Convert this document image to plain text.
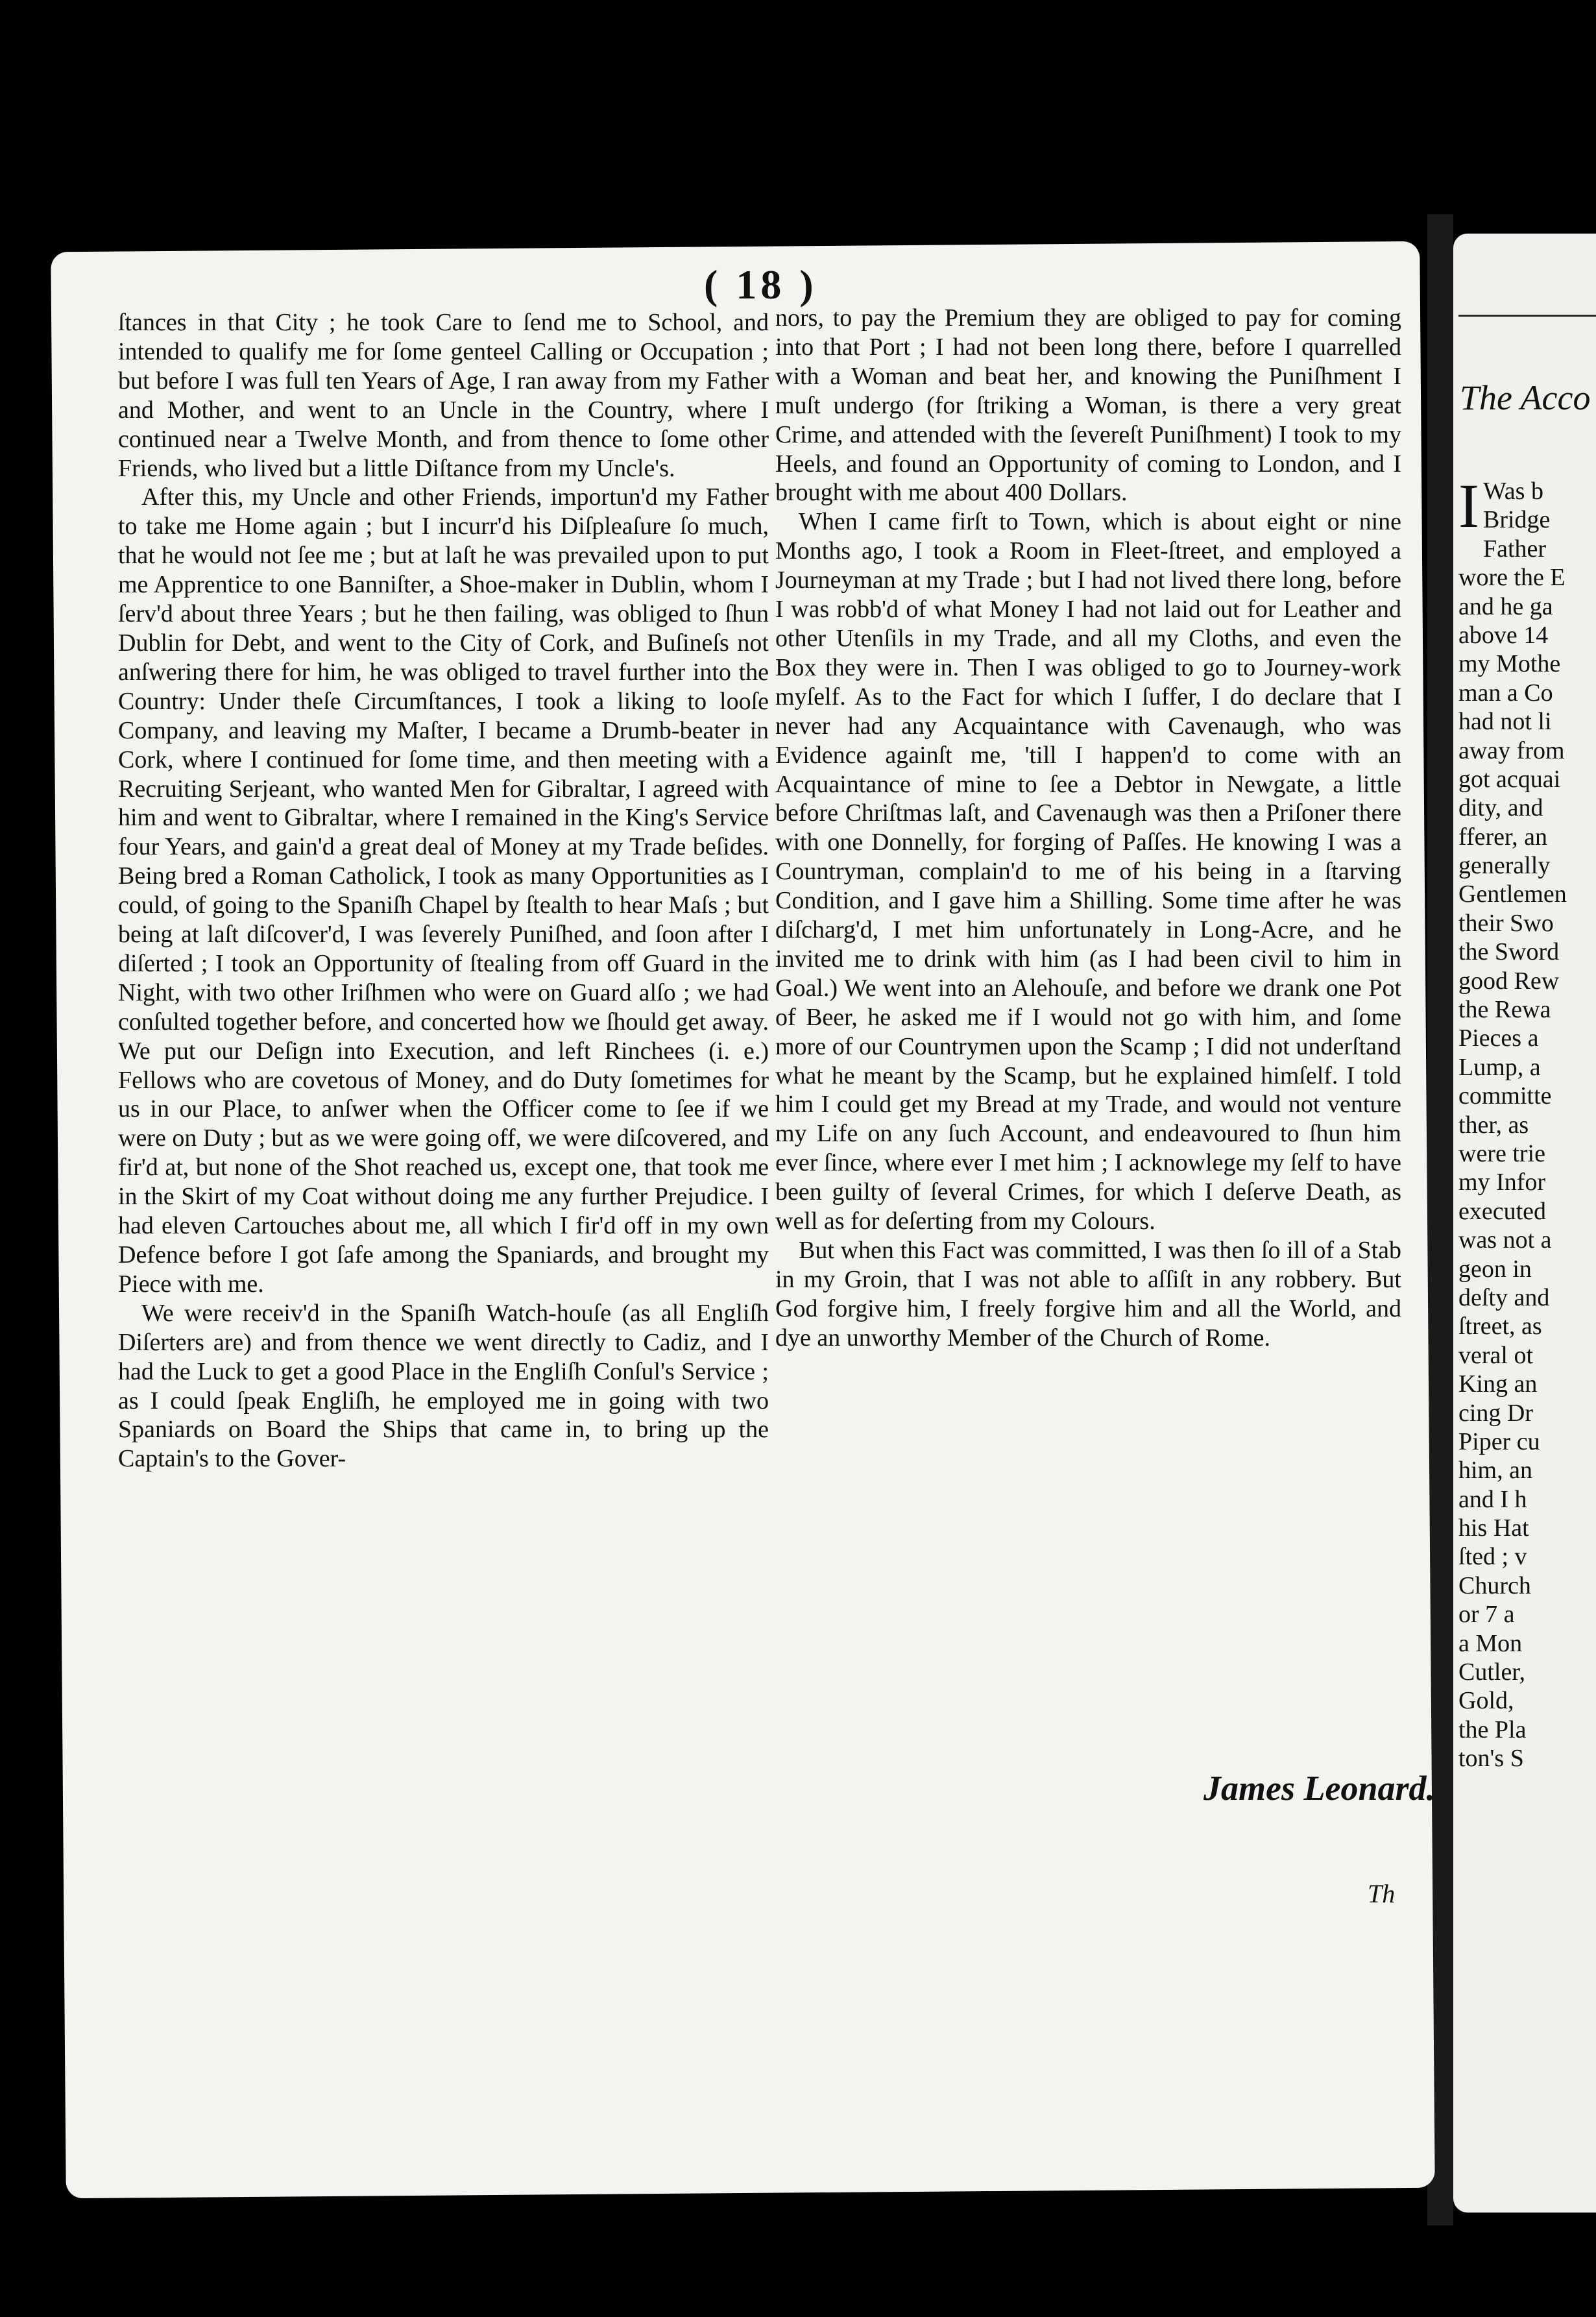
( 18 )

ſtances in that City ; he took Care to ſend me to School, and intended to qualify me for ſome genteel Calling or Occupation ; but before I was full ten Years of Age, I ran away from my Father and Mother, and went to an Uncle in the Country, where I continued near a Twelve Month, and from thence to ſome other Friends, who lived but a little Diſtance from my Uncle's.

After this, my Uncle and other Friends, importun'd my Father to take me Home again ; but I incurr'd his Diſpleaſure ſo much, that he would not ſee me ; but at laſt he was prevailed upon to put me Apprentice to one Banniſter, a Shoe-maker in Dublin, whom I ſerv'd about three Years ; but he then failing, was obliged to ſhun Dublin for Debt, and went to the City of Cork, and Buſineſs not anſwering there for him, he was obliged to travel further into the Country: Under theſe Circumſtances, I took a liking to looſe Company, and leaving my Maſter, I became a Drumb-beater in Cork, where I continued for ſome time, and then meeting with a Recruiting Serjeant, who wanted Men for Gibraltar, I agreed with him and went to Gibraltar, where I remained in the King's Service four Years, and gain'd a great deal of Money at my Trade beſides. Being bred a Roman Catholick, I took as many Opportunities as I could, of going to the Spaniſh Chapel by ſtealth to hear Maſs ; but being at laſt diſcover'd, I was ſeverely Puniſhed, and ſoon after I diſerted ; I took an Opportunity of ſtealing from off Guard in the Night, with two other Iriſhmen who were on Guard alſo ; we had conſulted together before, and concerted how we ſhould get away. We put our Deſign into Execution, and left Rinchees (i. e.) Fellows who are covetous of Money, and do Duty ſometimes for us in our Place, to anſwer when the Officer come to ſee if we were on Duty ; but as we were going off, we were diſcovered, and fir'd at, but none of the Shot reached us, except one, that took me in the Skirt of my Coat without doing me any further Prejudice. I had eleven Cartouches about me, all which I fir'd off in my own Defence before I got ſafe among the Spaniards, and brought my Piece with me.

We were receiv'd in the Spaniſh Watch-houſe (as all Engliſh Diſerters are) and from thence we went directly to Cadiz, and I had the Luck to get a good Place in the Engliſh Conſul's Service ; as I could ſpeak Engliſh, he employed me in going with two Spaniards on Board the Ships that came in, to bring up the Captain's to the Gover-

nors, to pay the Premium they are obliged to pay for coming into that Port ; I had not been long there, before I quarrelled with a Woman and beat her, and knowing the Puniſhment I muſt undergo (for ſtriking a Woman, is there a very great Crime, and attended with the ſevereſt Puniſhment) I took to my Heels, and found an Opportunity of coming to London, and I brought with me about 400 Dollars.

When I came firſt to Town, which is about eight or nine Months ago, I took a Room in Fleet-ſtreet, and employed a Journeyman at my Trade ; but I had not lived there long, before I was robb'd of what Money I had not laid out for Leather and other Utenſils in my Trade, and all my Cloths, and even the Box they were in. Then I was obliged to go to Journey-work myſelf. As to the Fact for which I ſuffer, I do declare that I never had any Acquaintance with Cavenaugh, who was Evidence againſt me, 'till I happen'd to come with an Acquaintance of mine to ſee a Debtor in Newgate, a little before Chriſtmas laſt, and Cavenaugh was then a Priſoner there with one Donnelly, for forging of Paſſes. He knowing I was a Countryman, complain'd to me of his being in a ſtarving Condition, and I gave him a Shilling. Some time after he was diſcharg'd, I met him unfortunately in Long-Acre, and he invited me to drink with him (as I had been civil to him in Goal.) We went into an Alehouſe, and before we drank one Pot of Beer, he asked me if I would not go with him, and ſome more of our Countrymen upon the Scamp ; I did not underſtand what he meant by the Scamp, but he explained himſelf. I told him I could get my Bread at my Trade, and would not venture my Life on any ſuch Account, and endeavoured to ſhun him ever ſince, where ever I met him ; I acknowlege my ſelf to have been guilty of ſeveral Crimes, for which I deſerve Death, as well as for deſerting from my Colours.

But when this Fact was committed, I was then ſo ill of a Stab in my Groin, that I was not able to aſſiſt in any robbery. But God forgive him, I freely forgive him and all the World, and dye an unworthy Member of the Church of Rome.

James Leonard.
Th
The Acco
I Was b
Bridge
Father
wore the E
and he ga
above 14
my Mothe
man a Co
had not li
away from
got acquai
dity, and
fferer, an
generally
Gentlemen
their Swo
the Sword
good Rew
the Rewa
Pieces a
Lump, a
committe
ther, as
were trie
my Infor
executed
was not a
geon in
deſty and
ſtreet, as
veral ot
King an
cing Dr
Piper cu
him, an
and I h
his Hat
ſted ; v
Church
or 7 a
a Mon
Cutler,
Gold,
the Pla
ton's S
